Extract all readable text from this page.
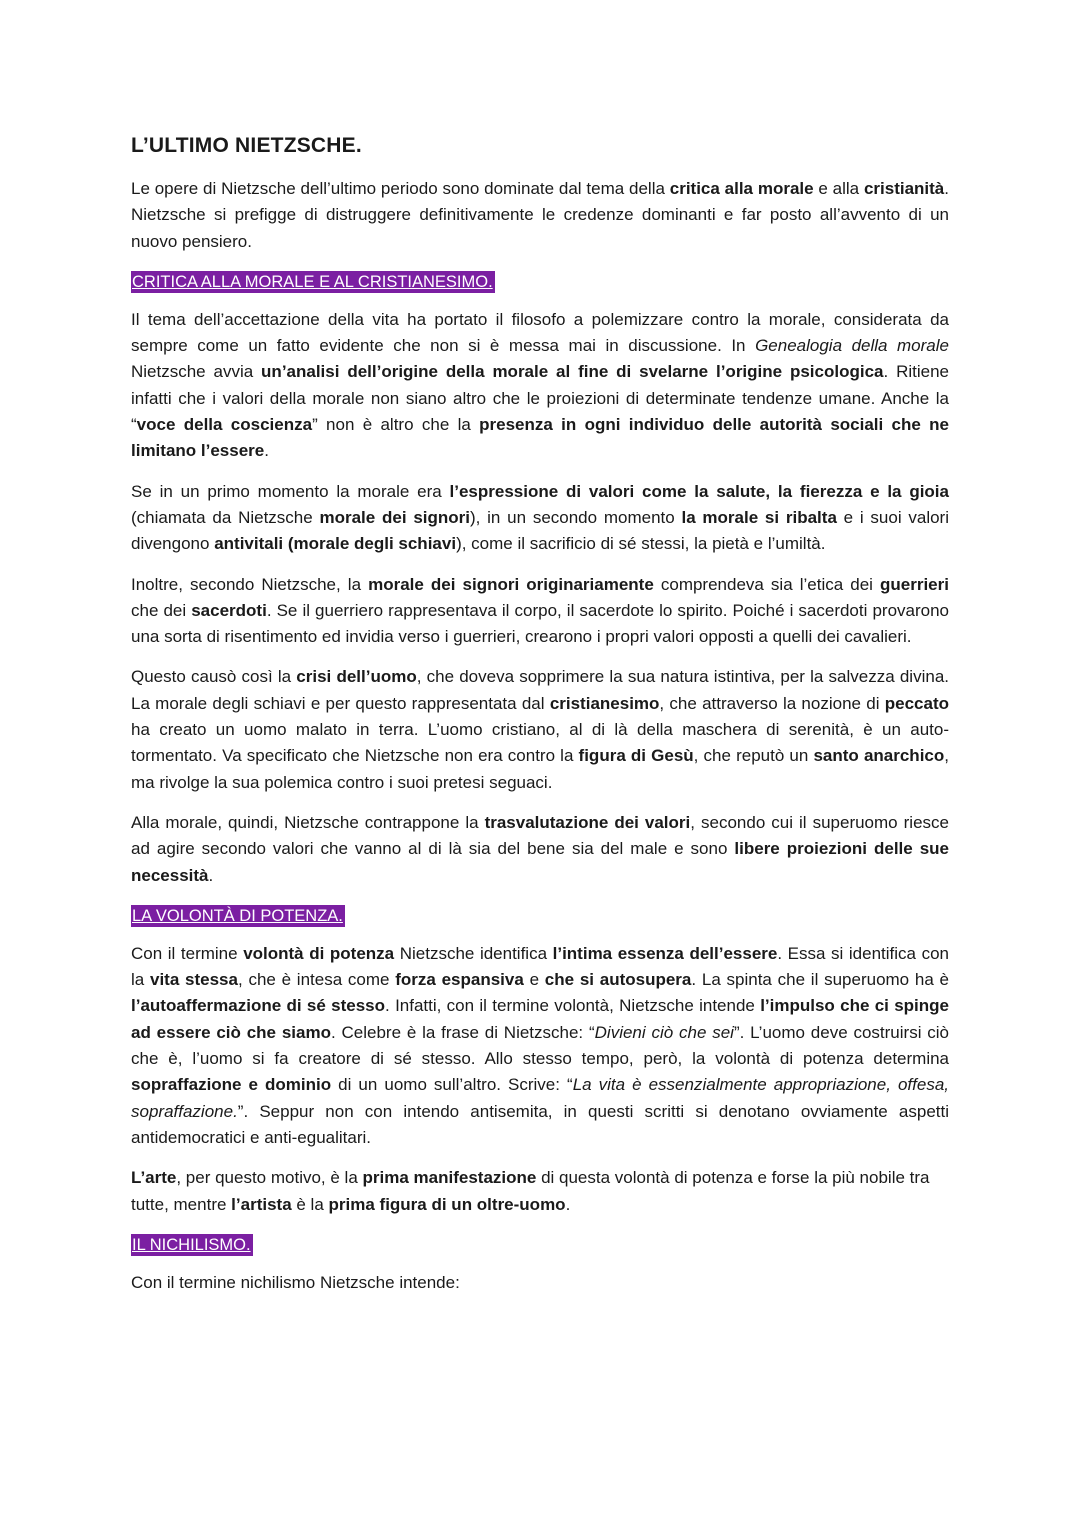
L’ULTIMO NIETZSCHE.

Le opere di Nietzsche dell’ultimo periodo sono dominate dal tema della critica alla morale e alla cristianità. Nietzsche si prefigge di distruggere definitivamente le credenze dominanti e far posto all’avvento di un nuovo pensiero.

CRITICA ALLA MORALE E AL CRISTIANESIMO.

Il tema dell’accettazione della vita ha portato il filosofo a polemizzare contro la morale, considerata da sempre come un fatto evidente che non si è messa mai in discussione. In Genealogia della morale Nietzsche avvia un’analisi dell’origine della morale al fine di svelarne l’origine psicologica. Ritiene infatti che i valori della morale non siano altro che le proiezioni di determinate tendenze umane. Anche la “voce della coscienza” non è altro che la presenza in ogni individuo delle autorità sociali che ne limitano l’essere.

Se in un primo momento la morale era l’espressione di valori come la salute, la fierezza e la gioia (chiamata da Nietzsche morale dei signori), in un secondo momento la morale si ribalta e i suoi valori divengono antivitali (morale degli schiavi), come il sacrificio di sé stessi, la pietà e l’umiltà.

Inoltre, secondo Nietzsche, la morale dei signori originariamente comprendeva sia l’etica dei guerrieri che dei sacerdoti. Se il guerriero rappresentava il corpo, il sacerdote lo spirito. Poiché i sacerdoti provarono una sorta di risentimento ed invidia verso i guerrieri, crearono i propri valori opposti a quelli dei cavalieri.

Questo causò così la crisi dell’uomo, che doveva sopprimere la sua natura istintiva, per la salvezza divina. La morale degli schiavi e per questo rappresentata dal cristianesimo, che attraverso la nozione di peccato ha creato un uomo malato in terra. L’uomo cristiano, al di là della maschera di serenità, è un auto-tormentato. Va specificato che Nietzsche non era contro la figura di Gesù, che reputò un santo anarchico, ma rivolge la sua polemica contro i suoi pretesi seguaci.

Alla morale, quindi, Nietzsche contrappone la trasvalutazione dei valori, secondo cui il superuomo riesce ad agire secondo valori che vanno al di là sia del bene sia del male e sono libere proiezioni delle sue necessità.

LA VOLONTÀ DI POTENZA.

Con il termine volontà di potenza Nietzsche identifica l’intima essenza dell’essere. Essa si identifica con la vita stessa, che è intesa come forza espansiva e che si autosupera. La spinta che il superuomo ha è l’autoaffermazione di sé stesso. Infatti, con il termine volontà, Nietzsche intende l’impulso che ci spinge ad essere ciò che siamo. Celebre è la frase di Nietzsche: “Divieni ciò che sei”. L’uomo deve costruirsi ciò che è, l’uomo si fa creatore di sé stesso. Allo stesso tempo, però, la volontà di potenza determina sopraffazione e dominio di un uomo sull’altro. Scrive: “La vita è essenzialmente appropriazione, offesa, sopraffazione.”. Seppur non con intendo antisemita, in questi scritti si denotano ovviamente aspetti antidemocratici e anti-egualitari.

L’arte, per questo motivo, è la prima manifestazione di questa volontà di potenza e forse la più nobile tra tutte, mentre l’artista è la prima figura di un oltre-uomo.

IL NICHILISMO.

Con il termine nichilismo Nietzsche intende:
